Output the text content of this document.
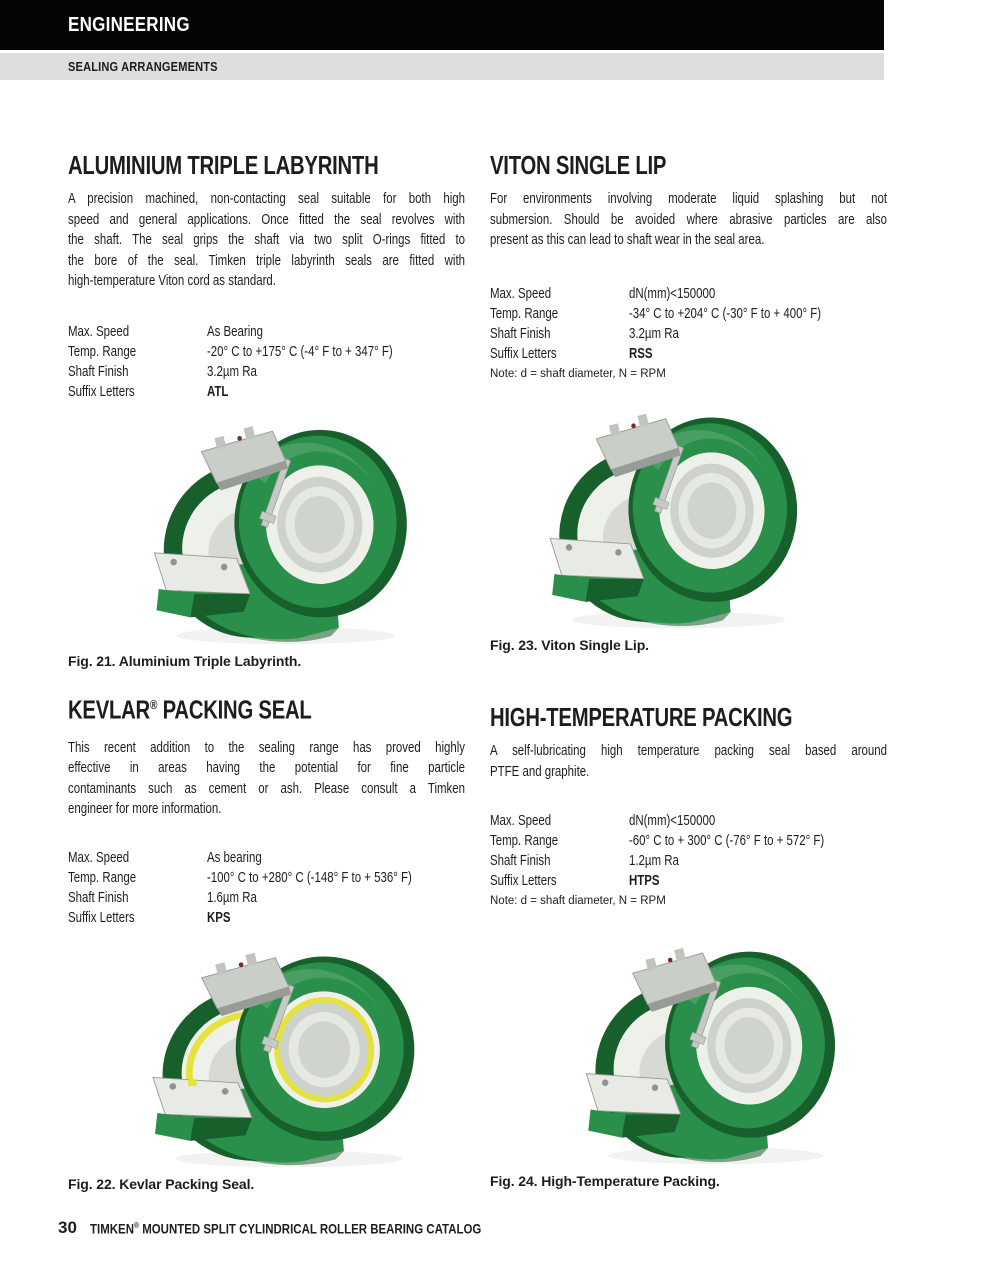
ENGINEERING
SEALING ARRANGEMENTS
ALUMINIUM TRIPLE LABYRINTH
A precision machined, non-contacting seal suitable for both high
speed and general applications. Once fitted the seal revolves with
the shaft. The seal grips the shaft via two split O-rings fitted to
the bore of the seal. Timken triple labyrinth seals are fitted with
high-temperature Viton cord as standard.
Max. Speed	As Bearing
Temp. Range	-20° C to +175° C (-4° F to + 347° F)
Shaft Finish	3.2µm Ra
Suffix Letters	ATL
Fig. 21. Aluminium Triple Labyrinth.
VITON SINGLE LIP
For environments involving moderate liquid splashing but not
submersion. Should be avoided where abrasive particles are also
present as this can lead to shaft wear in the seal area.
Max. Speed	dN(mm)<150000
Temp. Range	-34° C to +204° C (-30° F to + 400° F)
Shaft Finish	3.2µm Ra
Suffix Letters	RSS
Note: d = shaft diameter, N = RPM
Fig. 23. Viton Single Lip.
KEVLAR® PACKING SEAL
This recent addition to the sealing range has proved highly
effective in areas having the potential for fine particle
contaminants such as cement or ash. Please consult a Timken
engineer for more information.
Max. Speed	As bearing
Temp. Range	-100° C to +280° C (-148° F to + 536° F)
Shaft Finish	1.6µm Ra
Suffix Letters	KPS
Fig. 22. Kevlar Packing Seal.
HIGH-TEMPERATURE PACKING
A self-lubricating high temperature packing seal based around
PTFE and graphite.
Max. Speed	dN(mm)<150000
Temp. Range	-60° C to + 300° C (-76° F to + 572° F)
Shaft Finish	1.2µm Ra
Suffix Letters	HTPS
Note: d = shaft diameter, N = RPM
Fig. 24. High-Temperature Packing.
30 TIMKEN® MOUNTED SPLIT CYLINDRICAL ROLLER BEARING CATALOG
